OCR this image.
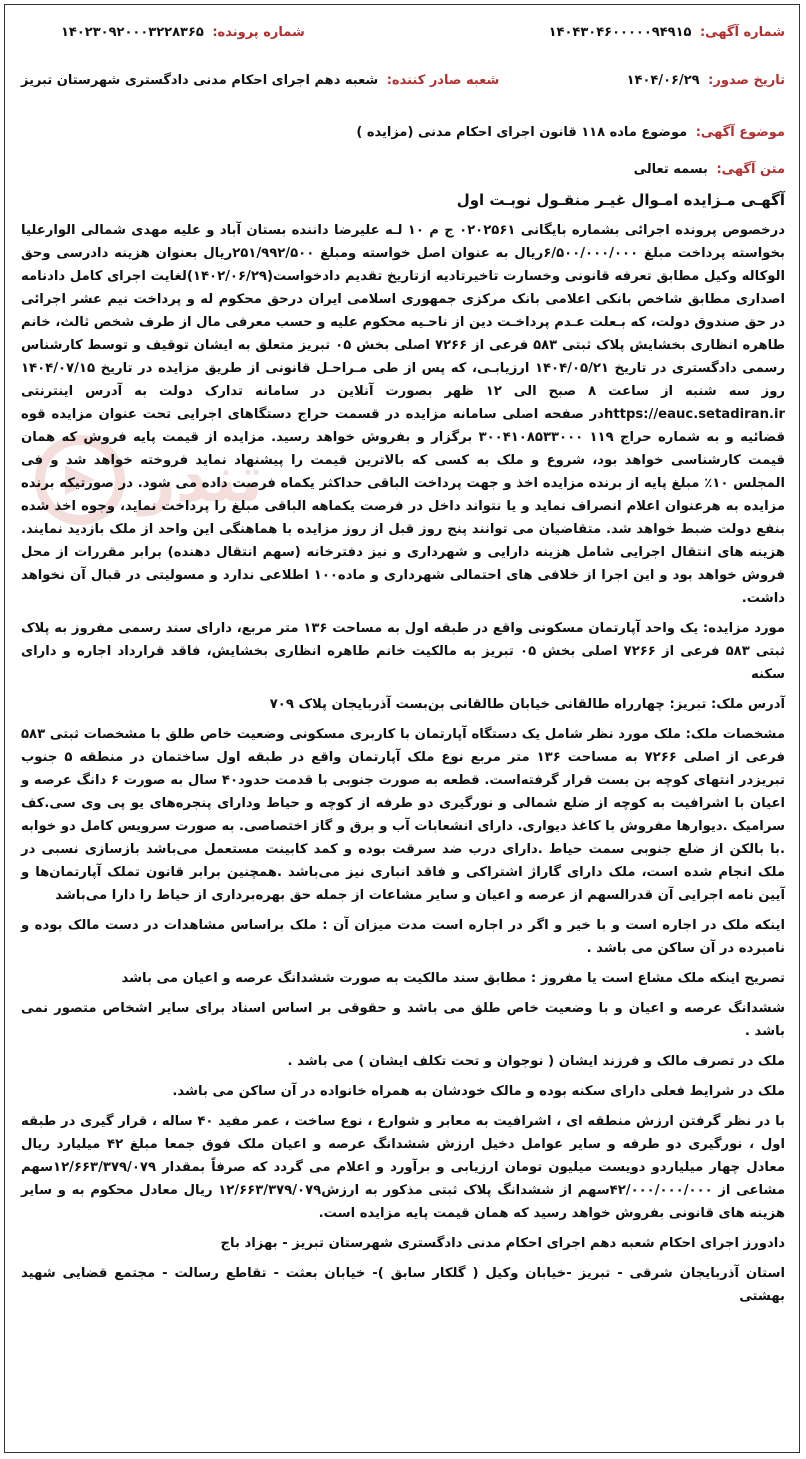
تندر
شماره آگهی: ۱۴۰۴۳۰۴۶۰۰۰۰۰۹۴۹۱۵
شماره پرونده: ۱۴۰۲۳۰۹۲۰۰۰۳۲۲۸۳۶۵
تاریخ صدور: ۱۴۰۴/۰۶/۲۹
شعبه صادر کننده: شعبه دهم اجرای احکام مدنی دادگستری شهرستان تبریز
موضوع آگهی: موضوع ماده ۱۱۸ قانون اجرای احکام مدنی (مزایده )
متن آگهی: بسمه تعالی
آگهـی مـزایده امـوال غیـر منقـول نوبـت اول

درخصوص پرونده اجرائی بشماره بایگانی ۰۲۰۲۵۶۱ ج م ۱۰ لـه علیرضا داننده بستان آباد و علیه مهدی شمالی الوارعلیا بخواسته پرداخت مبلغ ۶/۵۰۰/۰۰۰/۰۰۰ریال به عنوان اصل خواسته ومبلغ ۲۵۱/۹۹۲/۵۰۰ریال بعنوان هزینه دادرسی وحق الوکاله وکیل مطابق تعرفه قانونی وخسارت تاخیرتادیه ازتاریخ تقدیم دادخواست(۱۴۰۲/۰۶/۲۹)لغایت اجرای کامل دادنامه اصداری مطابق شاخص بانکی اعلامی بانک مرکزی جمهوری اسلامی ایران درحق محکوم له و پرداخت نیم عشر اجرائی در حق صندوق دولت، که بـعلت عـدم پرداخـت دین از ناحـیه محکوم علیه و حسب معرفی مال از طرف شخص ثالث، خانم طاهره انظاری بخشایش پلاک ثبتی ۵۸۳ فرعی از ۷۲۶۶ اصلی بخش ۰۵ تبریز متعلق به ایشان توقیف و توسط کارشناس رسمی دادگستری در تاریخ ۱۴۰۴/۰۵/۲۱ ارزیابـی، که پس از طی مـراحـل قانونی از طریق مزایده در تاریخ ۱۴۰۴/۰۷/۱۵ روز سه شنبه از ساعت ۸ صبح الی ۱۲ ظهر بصورت آنلاین در سامانه تدارک دولت به آدرس اینترنتی https://eauc.setadiran.irدر صفحه اصلی سامانه مزایده در قسمت حراج دستگاهای اجرایی تحت عنوان مزایده قوه قضائیه و به شماره حراج ۱۱۹ ۳۰۰۴۱۰۸۵۳۳۰۰۰ برگزار و بفروش خواهد رسید. مزایده از قیمت پایه فروش که همان قیمت کارشناسی خواهد بود، شروع و ملک به کسی که بالاترین قیمت را پیشنهاد نماید فروخته خواهد شد و فی المجلس ۱۰٪ مبلغ پایه از برنده مزایده اخذ و جهت پرداخت الباقی حداکثر یکماه فرصت داده می شود. در صورتیکه برنده مزایده به هرعنوان اعلام انصراف نماید و یا نتواند داخل در فرصت یکماهه الباقی مبلغ را پرداخت نماید، وجوه اخذ شده بنفع دولت ضبط خواهد شد. متقاضیان می توانند پنج روز قبل از روز مزایده با هماهنگی این واحد از ملک بازدید نمایند. هزینه های انتقال اجرایی شامل هزینه دارایی و شهرداری و نیز دفترخانه (سهم انتقال دهنده) برابر مقررات از محل فروش خواهد بود و این اجرا از خلافی های احتمالی شهرداری و ماده۱۰۰ اطلاعی ندارد و مسولیتی در قبال آن نخواهد داشت.

مورد مزایده: یک واحد آپارتمان مسکونی واقع در طبقه اول به مساحت ۱۳۶ متر مربع، دارای سند رسمی مفروز به پلاک ثبتی ۵۸۳ فرعی از ۷۲۶۶ اصلی بخش ۰۵ تبریز به مالکیت خانم طاهره انظاری بخشایش، فاقد قرارداد اجاره و دارای سکنه

آدرس ملک: تبریز: چهارراه طالقانی خیابان طالقانی بن‌بست آذربایجان پلاک ۷۰۹

مشخصات ملک: ملک مورد نظر شامل یک دستگاه آپارتمان با کاربری مسکونی وضعیت خاص طلق با مشخصات ثبتی ۵۸۳ فرعی از اصلی ۷۲۶۶ به مساحت ۱۳۶ متر مربع نوع ملک آپارتمان واقع در طبقه اول ساختمان در منطقه ۵ جنوب تبریزدر انتهای کوچه بن بست قرار گرفته‌است. قطعه به صورت جنوبی با قدمت حدود۴۰ سال به صورت ۶ دانگ عرصه و اعیان با اشرافیت به کوچه از ضلع شمالی و نورگیری دو طرفه از کوچه و حیاط ودارای پنجره‌های یو پی وی سی.کف سرامیک .دیوارها مفروش با کاغذ دیواری. دارای انشعابات آب و برق و گاز اختصاصی. به صورت سرویس کامل دو خوابه .با بالکن از ضلع جنوبی سمت حیاط .دارای درب ضد سرقت بوده و کمد کابینت مستعمل می‌باشد بازسازی نسبی در ملک انجام شده است، ملک دارای گاراژ اشتراکی و فاقد انباری نیز می‌باشد .همچنین برابر قانون تملک آپارتمان‌ها و آیین نامه اجرایی آن قدرالسهم از عرصه و اعیان و سایر مشاعات از جمله حق بهره‌برداری از حیاط را دارا می‌باشد

اینکه ملک در اجاره است و با خیر و اگر در اجاره است مدت میزان آن : ملک براساس مشاهدات در دست مالک بوده و نامبرده در آن ساکن می باشد .

تصریح اینکه ملک مشاع است یا مفروز : مطابق سند مالکیت به صورت ششدانگ عرصه و اعیان می باشد

ششدانگ عرصه و اعیان و با وضعیت خاص طلق می باشد و حقوقی بر اساس اسناد برای سایر اشخاص متصور نمی باشد .

ملک در تصرف مالک و فرزند ایشان ( نوجوان و تحت تکلف ایشان ) می باشد .

ملک در شرایط فعلی دارای سکنه بوده و مالک خودشان به همراه خانواده در آن ساکن می باشد.

با در نظر گرفتن ارزش منطقه ای ، اشرافیت به معابر و شوارع ، نوع ساخت ، عمر مفید ۴۰ ساله ، قرار گیری در طبقه اول ، نورگیری دو طرفه و سایر عوامل دخیل ارزش ششدانگ عرصه و اعیان ملک فوق جمعا مبلغ ۴۲ میلیارد ریال معادل چهار میلیاردو دویست میلیون تومان ارزیابی و برآورد و اعلام می گردد که صرفاً بمقدار ۱۲/۶۶۳/۳۷۹/۰۷۹سهم مشاعی از ۴۲/۰۰۰/۰۰۰/۰۰۰سهم از ششدانگ پلاک ثبتی مذکور به ارزش۱۲/۶۶۳/۳۷۹/۰۷۹ ریال معادل محکوم به و سایر هزینه های قانونی بفروش خواهد رسید که همان قیمت پایه مزایده است.

دادورز اجرای احکام شعبه دهم اجرای احکام مدنی دادگستری شهرستان تبریز - بهزاد باج

استان آذربایجان شرقی - تبریز -خیابان وکیل ( گلکار سابق )- خیابان بعثت - تقاطع رسالت - مجتمع قضایی شهید بهشتی
